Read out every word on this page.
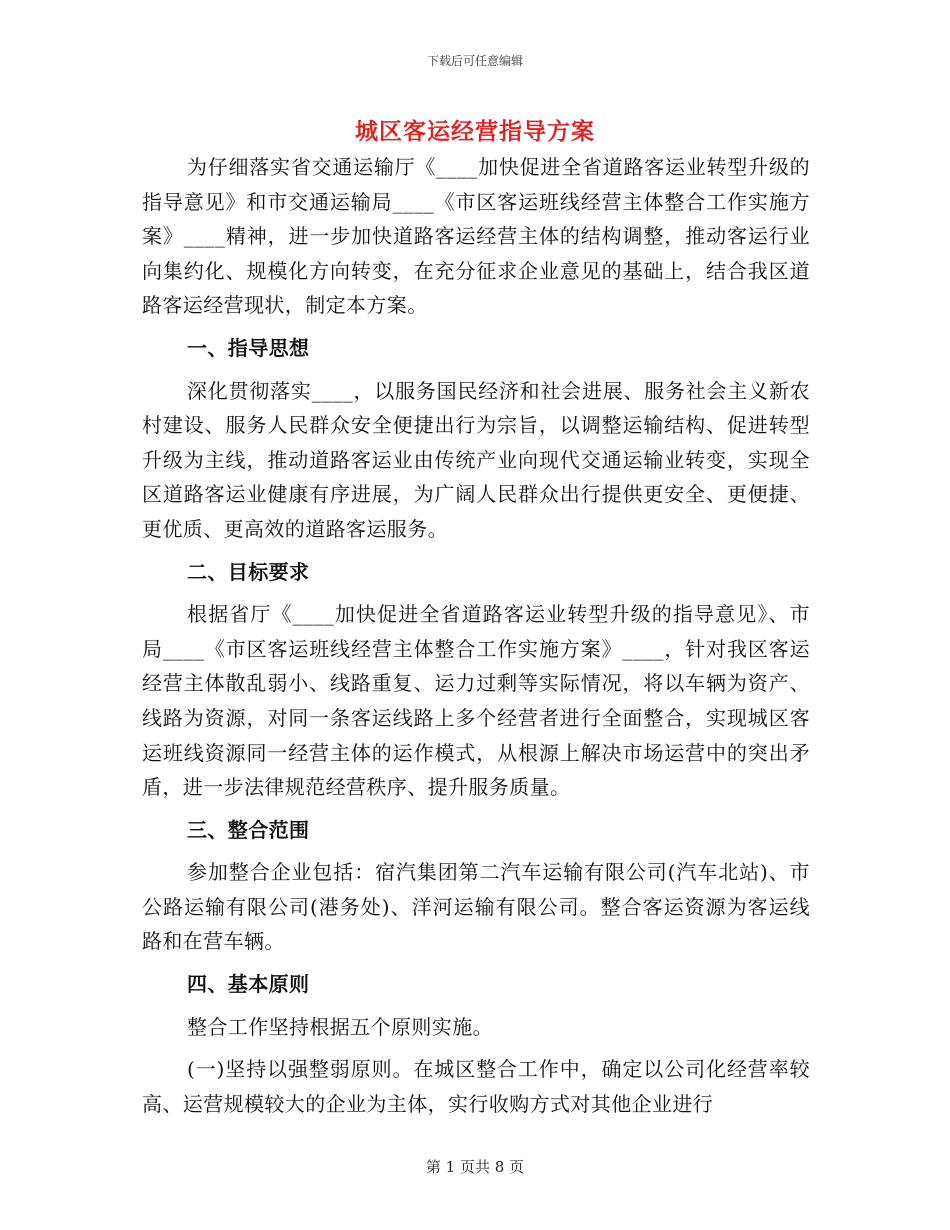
下载后可任意编辑
城区客运经营指导方案

为仔细落实省交通运输厅《____加快促进全省道路客运业转型升级的指导意见》和市交通运输局____《市区客运班线经营主体整合工作实施方案》____精神，进一步加快道路客运经营主体的结构调整，推动客运行业向集约化、规模化方向转变，在充分征求企业意见的基础上，结合我区道路客运经营现状，制定本方案。

一、指导思想

深化贯彻落实____，以服务国民经济和社会进展、服务社会主义新农村建设、服务人民群众安全便捷出行为宗旨，以调整运输结构、促进转型升级为主线，推动道路客运业由传统产业向现代交通运输业转变，实现全区道路客运业健康有序进展，为广阔人民群众出行提供更安全、更便捷、更优质、更高效的道路客运服务。

二、目标要求

根据省厅《____加快促进全省道路客运业转型升级的指导意见》、市局____《市区客运班线经营主体整合工作实施方案》____，针对我区客运经营主体散乱弱小、线路重复、运力过剩等实际情况，将以车辆为资产、线路为资源，对同一条客运线路上多个经营者进行全面整合，实现城区客运班线资源同一经营主体的运作模式，从根源上解决市场运营中的突出矛盾，进一步法律规范经营秩序、提升服务质量。

三、整合范围

参加整合企业包括：宿汽集团第二汽车运输有限公司(汽车北站)、市公路运输有限公司(港务处)、洋河运输有限公司。整合客运资源为客运线路和在营车辆。

四、基本原则

整合工作坚持根据五个原则实施。

(一)坚持以强整弱原则。在城区整合工作中，确定以公司化经营率较高、运营规模较大的企业为主体，实行收购方式对其他企业进行

第 1 页共 8 页
